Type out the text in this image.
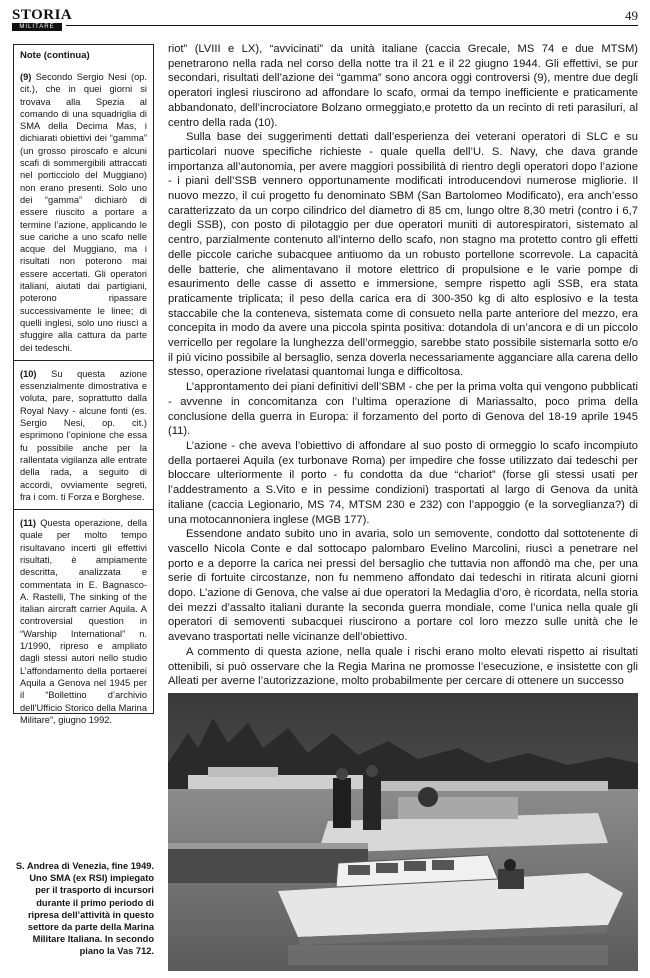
STORIA
MILITARE
49
Note (continua)
(9) Secondo Sergio Nesi (op. cit.), che in quei giorni si trovava alla Spezia al comando di una squadriglia di SMA della Decima Mas, i dichiarati obiettivi dei “gamma” (un grosso piroscafo e alcuni scafi di sommergibili attraccati nel porticciolo del Muggiano) non erano presenti. Solo uno dei “gamma” dichiarò di essere riuscito a portare a termine l’azione, applicando le sue cariche a uno scafo nelle acque del Muggiano, ma i risultati non poterono mai essere accertati. Gli operatori italiani, aiutati dai partigiani, poterono ripassare successivamente le linee; di quelli inglesi, solo uno riuscì a sfuggire alla cattura da parte dei tedeschi.
(10) Su questa azione essenzialmente dimostrativa e voluta, pare, soprattutto dalla Royal Navy - alcune fonti (es. Sergio Nesi, op. cit.) esprimono l’opinione che essa fu possibile anche per la rallentata vigilanza alle entrate della rada, a seguito di accordi, ovviamente segreti, fra i com. ti Forza e Borghese.
(11) Questa operazione, della quale per molto tempo risultavano incerti gli effettivi risultati, è ampiamente descritta, analizzata e commentata in E. Bagnasco-A. Rastelli, The sinking of the italian aircraft carrier Aquila. A controversial question in “Warship International” n. 1/1990, ripreso e ampliato dagli stessi autori nello studio L’affondamento della portaerei Aquila a Genova nel 1945 per il “Bollettino d’archivio dell’Ufficio Storico della Marina Militare”, giugno 1992.

riot” (LVIII e LX), “avvicinati” da unità italiane (caccia Grecale, MS 74 e due MTSM) penetrarono nella rada nel corso della notte tra il 21 e il 22 giugno 1944. Gli effettivi, se pur secondari, risultati dell’azione dei “gamma” sono ancora oggi controversi (9), mentre due degli operatori inglesi riuscirono ad affondare lo scafo, ormai da tempo inefficiente e praticamente abbandonato, dell’incrociatore Bolzano ormeggiato,e protetto da un recinto di reti parasiluri, al centro della rada (10).

Sulla base dei suggerimenti dettati dall’esperienza dei veterani operatori di SLC e su particolari nuove specifiche richieste - quale quella dell’U. S. Navy, che dava grande importanza all’autonomia, per avere maggiori possibilità di rientro degli operatori dopo l’azione - i piani dell’SSB vennero opportunamente modificati introducendovi numerose migliorie. Il nuovo mezzo, il cui progetto fu denominato SBM (San Bartolomeo Modificato), era anch’esso caratterizzato da un corpo cilindrico del diametro di 85 cm, lungo oltre 8,30 metri (contro i 6,7 degli SSB), con posto di pilotaggio per due operatori muniti di autorespiratori, sistemato al centro, parzialmente contenuto all’interno dello scafo, non stagno ma protetto contro gli effetti delle piccole cariche subacquee antiuomo da un robusto portellone scorrevole. La capacità delle batterie, che alimentavano il motore elettrico di propulsione e le varie pompe di esaurimento delle casse di assetto e immersione, sempre rispetto agli SSB, era stata praticamente triplicata; il peso della carica era di 300-350 kg di alto esplosivo e la testa staccabile che la conteneva, sistemata come di consueto nella parte anteriore del mezzo, era concepita in modo da avere una piccola spinta positiva: dotandola di un’ancora e di un piccolo verricello per regolare la lunghezza dell’ormeggio, sarebbe stato possibile sistemarla sotto e/o il più vicino possibile al bersaglio, senza doverla necessariamente agganciare alla carena dello stesso, operazione rivelatasi quantomai lunga e difficoltosa.

L’approntamento dei piani definitivi dell’SBM - che per la prima volta qui vengono pubblicati - avvenne in concomitanza con l’ultima operazione di Mariassalto, poco prima della conclusione della guerra in Europa: il forzamento del porto di Genova del 18-19 aprile 1945 (11).

L’azione - che aveva l’obiettivo di affondare al suo posto di ormeggio lo scafo incompiuto della portaerei Aquila (ex turbonave Roma) per impedire che fosse utilizzato dai tedeschi per bloccare ulteriormente il porto - fu condotta da due “chariot” (forse gli stessi usati per l’addestramento a S.Vito e in pessime condizioni) trasportati al largo di Genova da unità italiane (caccia Legionario, MS 74, MTSM 230 e 232) con l’appoggio (e la sorveglianza?) di una motocannoniera inglese (MGB 177).

Essendone andato subito uno in avaria, solo un semovente, condotto dal sottotenente di vascello Nicola Conte e dal sottocapo palombaro Evelino Marcolini, riuscì a penetrare nel porto e a deporre la carica nei pressi del bersaglio che tuttavia non affondò ma che, per una serie di fortuite circostanze, non fu nemmeno affondato dai tedeschi in ritirata alcuni giorni dopo. L’azione di Genova, che valse ai due operatori la Medaglia d’oro, è ricordata, nella storia dei mezzi d’assalto italiani durante la seconda guerra mondiale, come l’unica nella quale gli operatori di semoventi subacquei riuscirono a portare col loro mezzo sulle unità che le avevano trasportati nelle vicinanze dell’obiettivo.

A commento di questa azione, nella quale i rischi erano molto elevati rispetto ai risultati ottenibili, si può osservare che la Regia Marina ne promosse l’esecuzione, e insistette con gli Alleati per averne l’autorizzazione, molto probabilmente per cercare di ottenere un successo

S. Andrea di Venezia, fine 1949. Uno SMA (ex RSI) impiegato per il trasporto di incursori durante il primo periodo di ripresa dell’attività in questo settore da parte della Marina Militare Italiana. In secondo piano la Vas 712.
